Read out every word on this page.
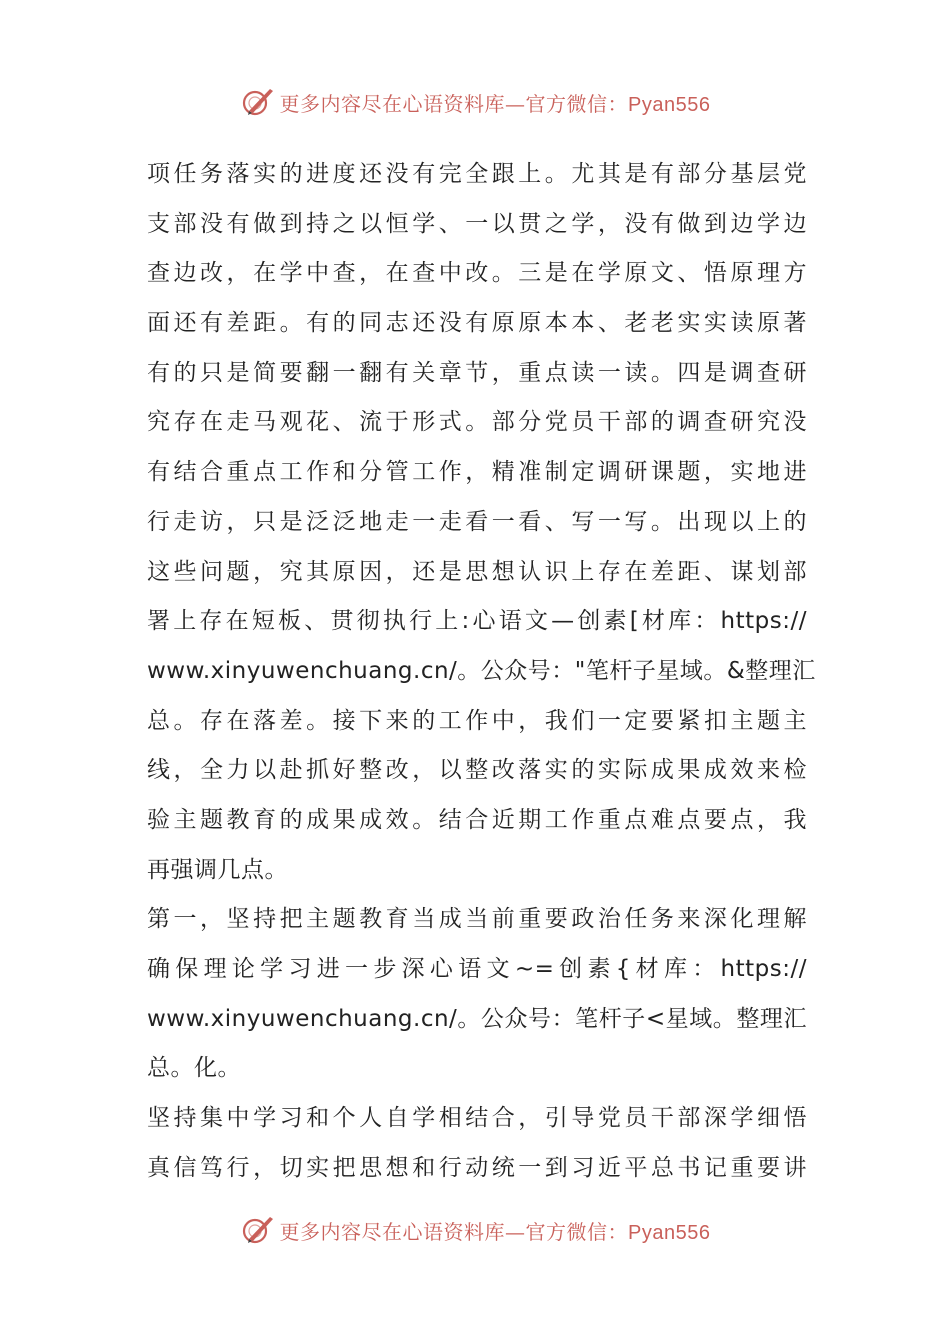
更多内容尽在心语资料库—官方微信：Pyan556
项任务落实的进度还没有完全跟上。尤其是有部分基层党
支部没有做到持之以恒学、一以贯之学，没有做到边学边
查边改，在学中查，在查中改。三是在学原文、悟原理方
面还有差距。有的同志还没有原原本本、老老实实读原著
有的只是简要翻一翻有关章节，重点读一读。四是调查研
究存在走马观花、流于形式。部分党员干部的调查研究没
有结合重点工作和分管工作，精准制定调研课题，实地进
行走访，只是泛泛地走一走看一看、写一写。出现以上的
这些问题，究其原因，还是思想认识上存在差距、谋划部
署上存在短板、贯彻执行上:心语文—创素[材库：https://
www.xinyuwenchuang.cn/。公众号："笔杆子星域。&整理汇
总。存在落差。接下来的工作中，我们一定要紧扣主题主
线，全力以赴抓好整改，以整改落实的实际成果成效来检
验主题教育的成果成效。结合近期工作重点难点要点，我
再强调几点。
第一，坚持把主题教育当成当前重要政治任务来深化理解
确保理论学习进一步深心语文~=创素{材库：https://
www.xinyuwenchuang.cn/。公众号：笔杆子<星域。整理汇
总。化。
坚持集中学习和个人自学相结合，引导党员干部深学细悟
真信笃行，切实把思想和行动统一到习近平总书记重要讲
更多内容尽在心语资料库—官方微信：Pyan556
